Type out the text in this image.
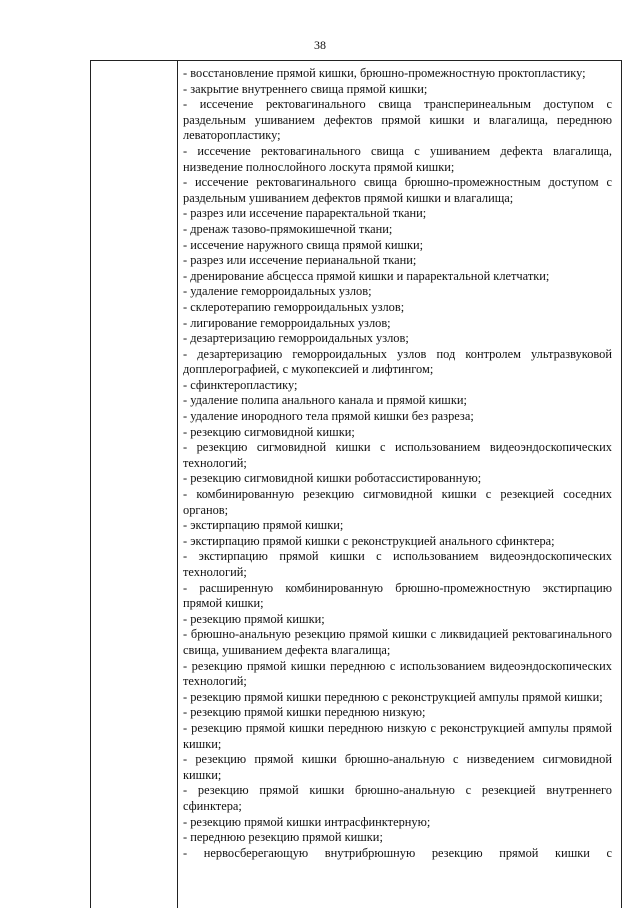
38

- восстановление прямой кишки, брюшно-промежностную проктопластику;

- закрытие внутреннего свища прямой кишки;

- иссечение ректовагинального свища трансперинеальным доступом с раздельным ушиванием дефектов прямой кишки и влагалища, переднюю леваторопластику;

- иссечение ректовагинального свища с ушиванием дефекта влагалища, низведение полнослойного лоскута прямой кишки;

- иссечение ректовагинального свища брюшно-промежностным доступом с раздельным ушиванием дефектов прямой кишки и влагалища;

- разрез или иссечение параректальной ткани;

- дренаж тазово-прямокишечной ткани;

- иссечение наружного свища прямой кишки;

- разрез или иссечение перианальной ткани;

- дренирование абсцесса прямой кишки и параректальной клетчатки;

- удаление геморроидальных узлов;

- склеротерапию геморроидальных узлов;

- лигирование геморроидальных узлов;

- дезартеризацию геморроидальных узлов;

- дезартеризацию геморроидальных узлов под контролем ультразвуковой допплерографией, с мукопексией и лифтингом;

- сфинктеропластику;

- удаление полипа анального канала и прямой кишки;

- удаление инородного тела прямой кишки без разреза;

- резекцию сигмовидной кишки;

- резекцию сигмовидной кишки с использованием видеоэндоскопических технологий;

- резекцию сигмовидной кишки роботассистированную;

- комбинированную резекцию сигмовидной кишки с резекцией соседних органов;

- экстирпацию прямой кишки;

- экстирпацию прямой кишки с реконструкцией анального сфинктера;

- экстирпацию прямой кишки с использованием видеоэндоскопических технологий;

- расширенную комбинированную брюшно-промежностную экстирпацию прямой кишки;

- резекцию прямой кишки;

- брюшно-анальную резекцию прямой кишки с ликвидацией ректовагинального свища, ушиванием дефекта влагалища;

- резекцию прямой кишки переднюю с использованием видеоэндоскопических технологий;

- резекцию прямой кишки переднюю с реконструкцией ампулы прямой кишки;

- резекцию прямой кишки переднюю низкую;

- резекцию прямой кишки переднюю низкую с реконструкцией ампулы прямой кишки;

- резекцию прямой кишки брюшно-анальную с низведением сигмовидной кишки;

- резекцию прямой кишки брюшно-анальную с резекцией внутреннего сфинктера;

- резекцию прямой кишки интрасфинктерную;

- переднюю резекцию прямой кишки;

- нервосберегающую внутрибрюшную резекцию прямой кишки с
